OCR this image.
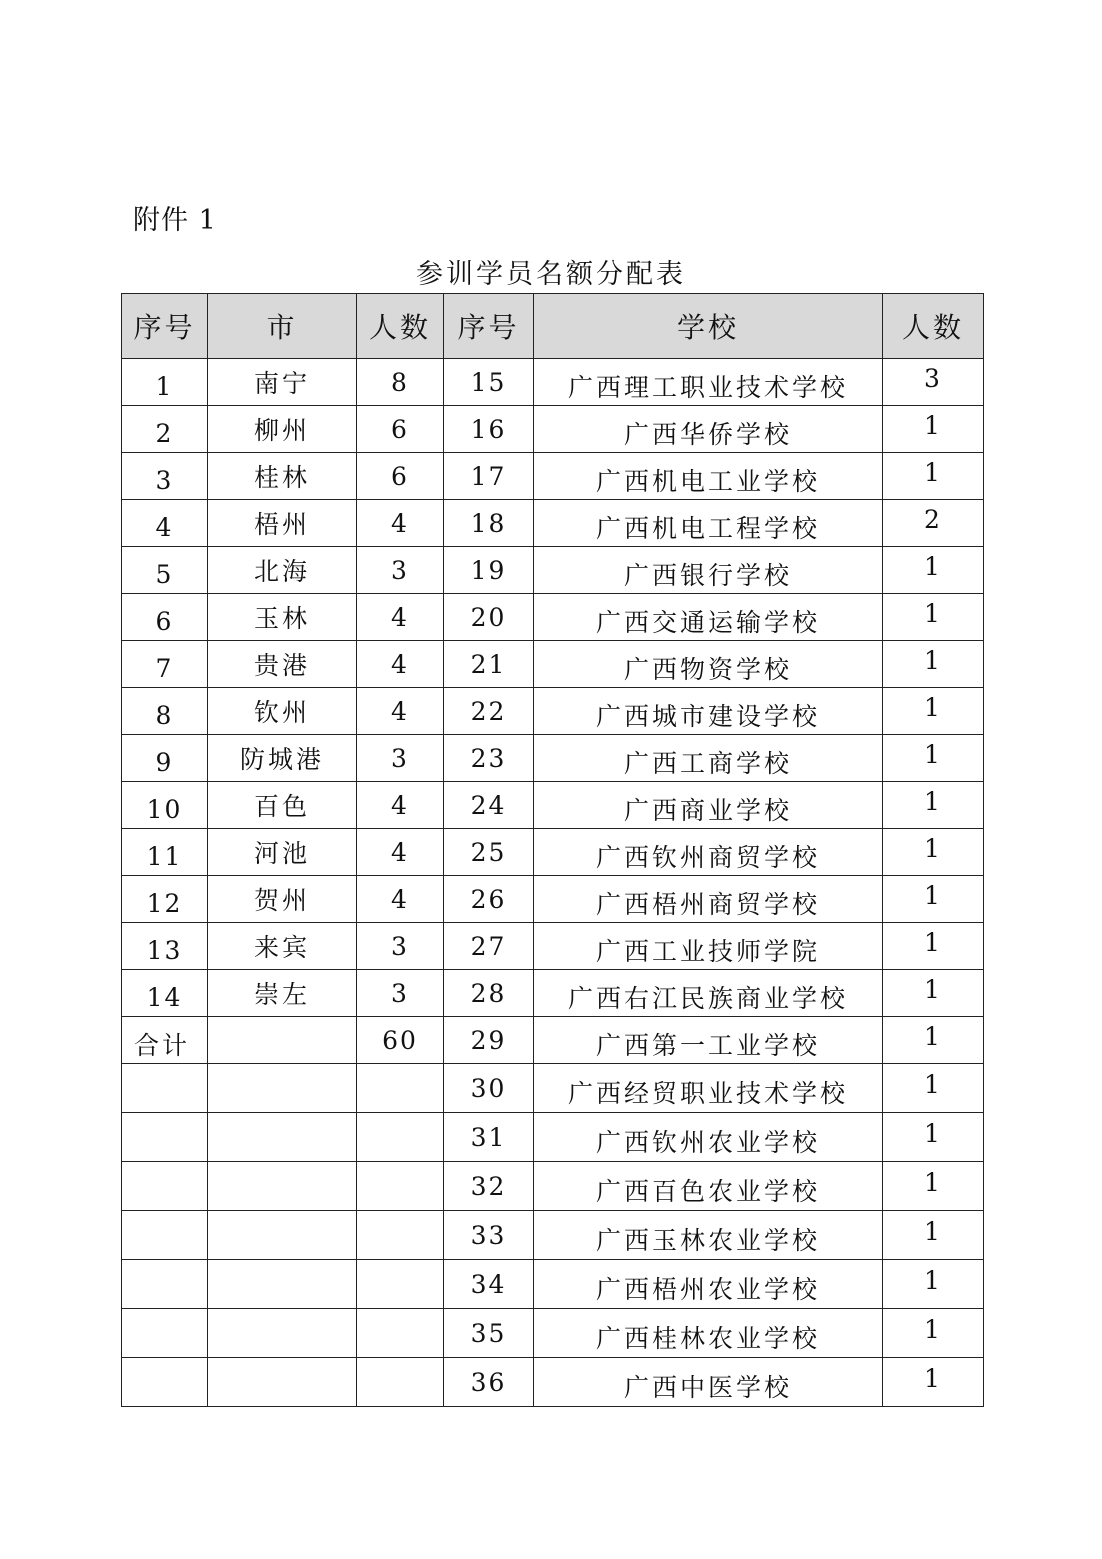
附件 1
参训学员名额分配表
序号	市	人数	序号	学校	人数
1	南宁	8	15	广西理工职业技术学校	3
2	柳州	6	16	广西华侨学校	1
3	桂林	6	17	广西机电工业学校	1
4	梧州	4	18	广西机电工程学校	2
5	北海	3	19	广西银行学校	1
6	玉林	4	20	广西交通运输学校	1
7	贵港	4	21	广西物资学校	1
8	钦州	4	22	广西城市建设学校	1
9	防城港	3	23	广西工商学校	1
10	百色	4	24	广西商业学校	1
11	河池	4	25	广西钦州商贸学校	1
12	贺州	4	26	广西梧州商贸学校	1
13	来宾	3	27	广西工业技师学院	1
14	崇左	3	28	广西右江民族商业学校	1
合计		60	29	广西第一工业学校	1
			30	广西经贸职业技术学校	1
			31	广西钦州农业学校	1
			32	广西百色农业学校	1
			33	广西玉林农业学校	1
			34	广西梧州农业学校	1
			35	广西桂林农业学校	1
			36	广西中医学校	1
